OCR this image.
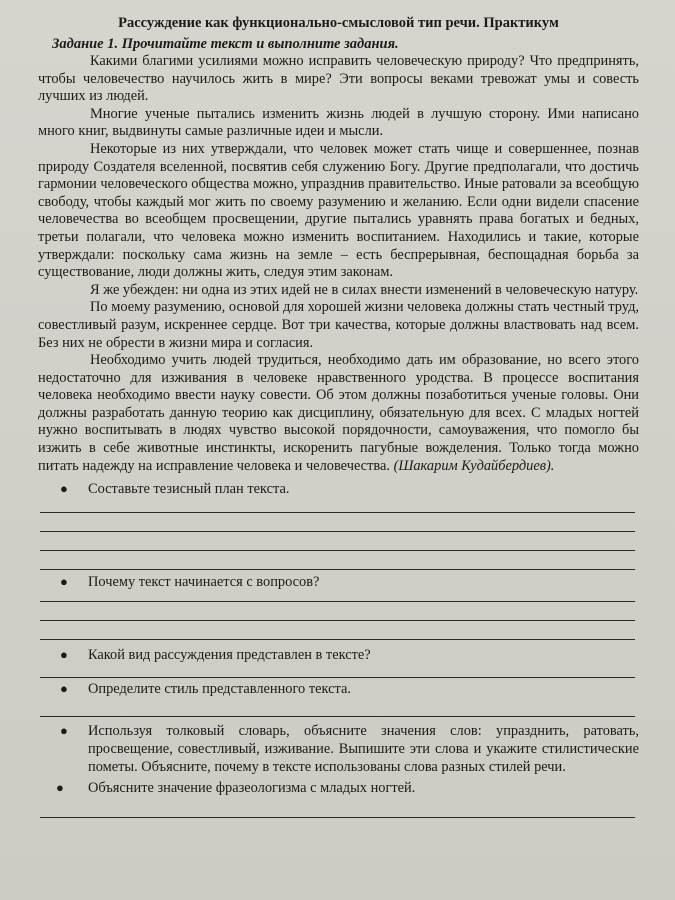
Рассуждение как функционально-смысловой тип речи. Практикум
Задание 1. Прочитайте текст и выполните задания.

Какими благими усилиями можно исправить человеческую природу? Что предпринять, чтобы человечество научилось жить в мире? Эти вопросы веками тревожат умы и совесть лучших из людей.

Многие ученые пытались изменить жизнь людей в лучшую сторону. Ими написано много книг, выдвинуты самые различные идеи и мысли.

Некоторые из них утверждали, что человек может стать чище и совершеннее, познав природу Создателя вселенной, посвятив себя служению Богу. Другие предполагали, что достичь гармонии человеческого общества можно, упразднив правительство. Иные ратовали за всеобщую свободу, чтобы каждый мог жить по своему разумению и желанию. Если одни видели спасение человечества во всеобщем просвещении, другие пытались уравнять права богатых и бедных, третьи полагали, что человека можно изменить воспитанием. Находились и такие, которые утверждали: поскольку сама жизнь на земле – есть беспрерывная, беспощадная борьба за существование, люди должны жить, следуя этим законам.

Я же убежден: ни одна из этих идей не в силах внести изменений в человеческую натуру.

По моему разумению, основой для хорошей жизни человека должны стать честный труд, совестливый разум, искреннее сердце. Вот три качества, которые должны властвовать над всем. Без них не обрести в жизни мира и согласия.

Необходимо учить людей трудиться, необходимо дать им образование, но всего этого недостаточно для изживания в человеке нравственного уродства. В процессе воспитания человека необходимо ввести науку совести. Об этом должны позаботиться ученые головы. Они должны разработать данную теорию как дисциплину, обязательную для всех. С младых ногтей нужно воспитывать в людях чувство высокой порядочности, самоуважения, что помогло бы изжить в себе животные инстинкты, искоренить пагубные вожделения. Только тогда можно питать надежду на исправление человека и человечества. (Шакарим Кудайбердиев).

● Составьте тезисный план текста.
● Почему текст начинается с вопросов?
● Какой вид рассуждения представлен в тексте?
● Определите стиль представленного текста.
● Используя толковый словарь, объясните значения слов: упразднить, ратовать, просвещение, совестливый, изживание. Выпишите эти слова и укажите стилистические пометы. Объясните, почему в тексте использованы слова разных стилей речи.
● Объясните значение фразеологизма с младых ногтей.
